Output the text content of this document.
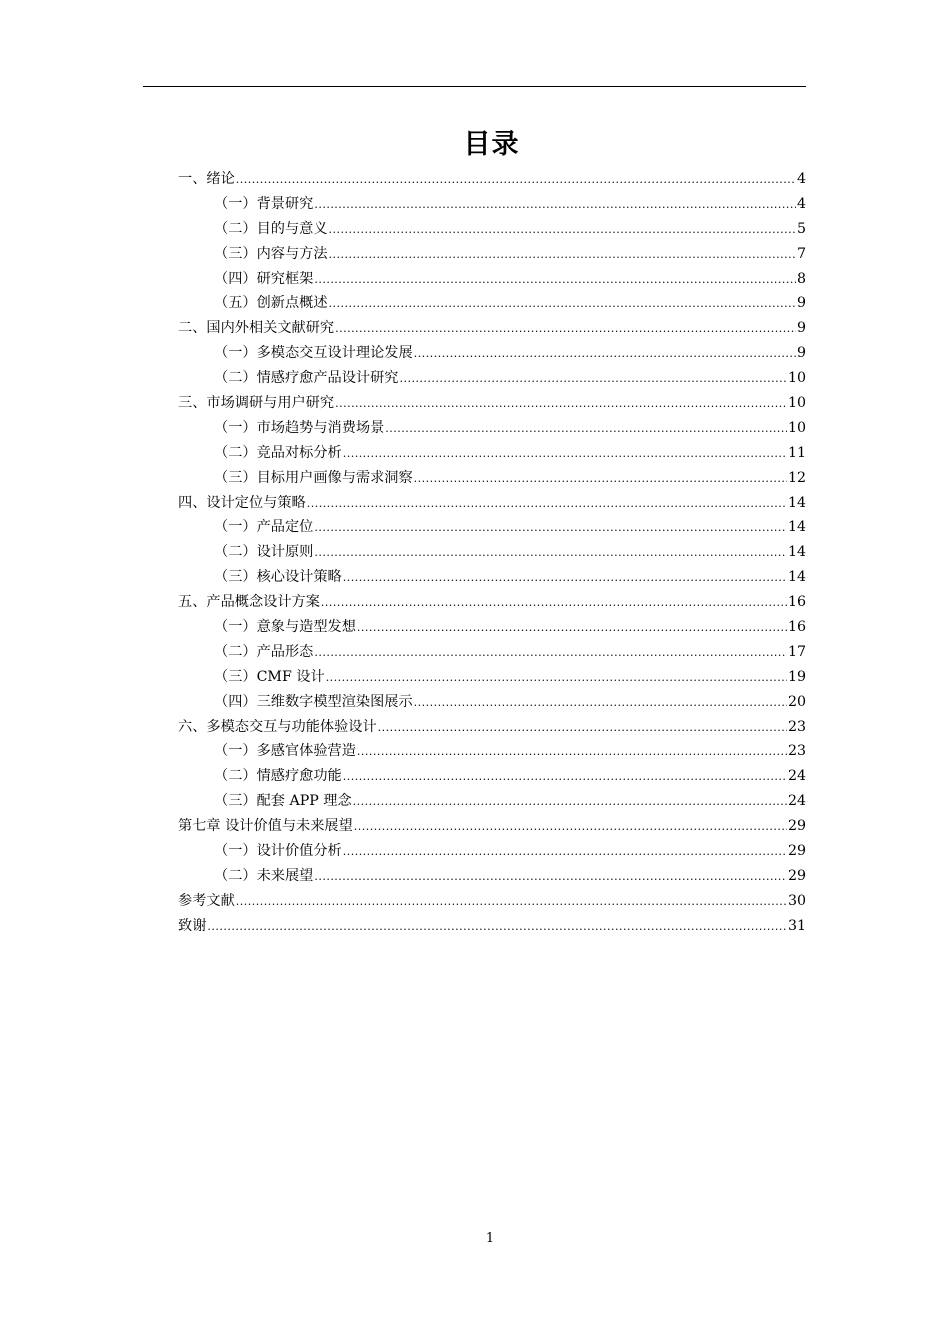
目录
一、绪论 .....	4
（一）背景研究 .....	4
（二）目的与意义 .....	5
（三）内容与方法 .....	7
（四）研究框架 .....	8
（五）创新点概述 .....	9
二、国内外相关文献研究 .....	9
（一）多模态交互设计理论发展 .....	9
（二）情感疗愈产品设计研究 .....	10
三、市场调研与用户研究 .....	10
（一）市场趋势与消费场景 .....	10
（二）竞品对标分析 .....	11
（三）目标用户画像与需求洞察 .....	12
四、设计定位与策略 .....	14
（一）产品定位 .....	14
（二）设计原则 .....	14
（三）核心设计策略 .....	14
五、产品概念设计方案 .....	16
（一）意象与造型发想 .....	16
（二）产品形态 .....	17
（三）CMF 设计 .....	19
（四）三维数字模型渲染图展示 .....	20
六、多模态交互与功能体验设计 .....	23
（一）多感官体验营造 .....	23
（二）情感疗愈功能 .....	24
（三）配套 APP 理念 .....	24
第七章 设计价值与未来展望 .....	29
（一）设计价值分析 .....	29
（二）未来展望 .....	29
参考文献 .....	30
致谢 .....	31
1
